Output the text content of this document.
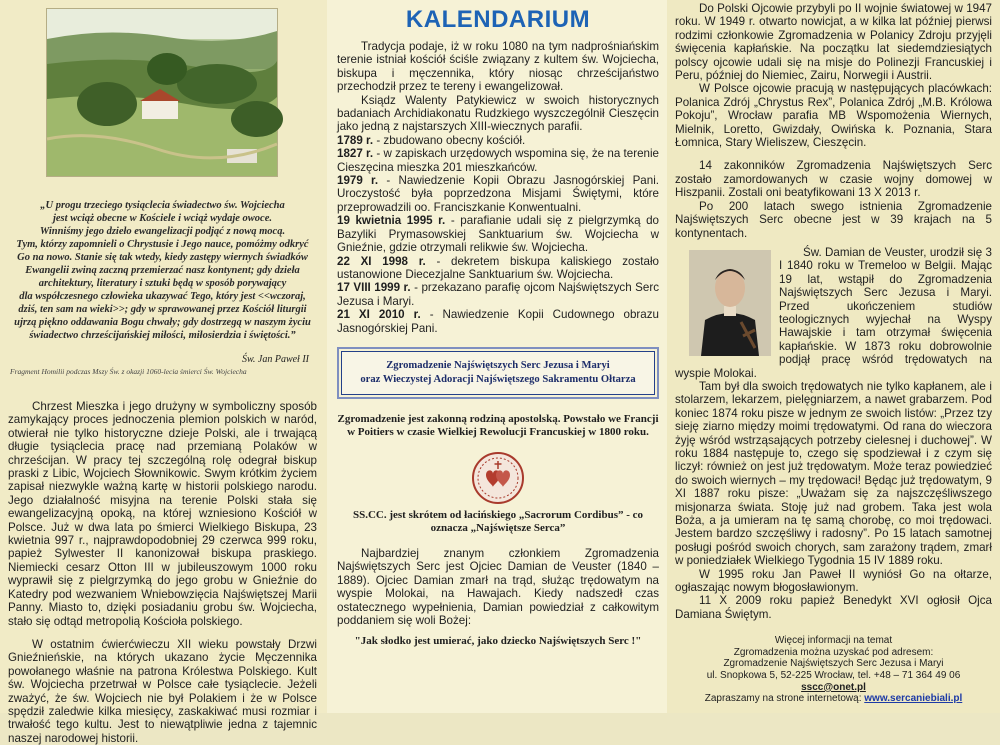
„U progu trzeciego tysiąclecia świadectwo św. Wojciecha
jest wciąż obecne w Kościele i wciąż wydaje owoce.
Winniśmy jego dzieło ewangelizacji podjąć z nową mocą.
Tym, którzy zapomnieli o Chrystusie i Jego nauce, pomóżmy odkryć
Go na nowo. Stanie się tak wtedy, kiedy zastępy wiernych świadków
Ewangelii zwiną zacznq przemierzać nasz kontynent; gdy dzieła
architektury, literatury i sztuki będą w sposób porywający
dla współczesnego człowieka ukazywać Tego, który jest <<wczoraj,
dziś, ten sam na wieki>>; gdy w sprawowanej przez Kościół liturgii
ujrzą piękno oddawania Bogu chwały; gdy dostrzegą w naszym życiu
świadectwo chrześcijańskiej miłości, miłosierdzia i świętości.”
Św. Jan Paweł II
Fragment Homilii podczas Mszy Św. z okazji 1060-lecia śmierci Św. Wojciecha

Chrzest Mieszka i jego drużyny w symboliczny sposób zamykający proces jednoczenia plemion polskich w naród, otwierał nie tylko historyczne dzieje Polski, ale i trwającą długie tysiąclecia pracę nad przemianą Polaków w chrześcijan. W pracy tej szczególną rolę odegrał biskup praski z Libic, Wojciech Słownikowic. Swym krótkim życiem zapisał niezwykle ważną kartę w historii polskiego narodu. Jego działalność misyjna na terenie Polski stała się ewangelizacyjną opoką, na której wzniesiono Kościół w Polsce. Już w dwa lata po śmierci Wielkiego Biskupa, 23 kwietnia 997 r., najprawdopodobniej 29 czerwca 999 roku, papież Sylwester II kanonizował biskupa praskiego. Niemiecki cesarz Otton III w jubileuszowym 1000 roku wyprawił się z pielgrzymką do jego grobu w Gnieźnie do Katedry pod wezwaniem Wniebowzięcia Najświętszej Marii Panny. Miasto to, dzięki posiadaniu grobu św. Wojciecha, stało się odtąd metropolią Kościoła polskiego.

W ostatnim ćwierćwieczu XII wieku powstały Drzwi Gnieźnieńskie, na których ukazano życie Męczennika powołanego właśnie na patrona Królestwa Polskiego. Kult św. Wojciecha przetrwał w Polsce całe tysiąclecie. Jeżeli zważyć, że św. Wojciech nie był Polakiem i że w Polsce spędził zaledwie kilka miesięcy, zaskakiwać musi rozmiar i trwałość tego kultu. Jest to niewątpliwie jedna z tajemnic naszej narodowej historii.

KALENDARIUM

Tradycja podaje, iż w roku 1080 na tym nadprośniańskim terenie istniał kościół ściśle związany z kultem św. Wojciecha, biskupa i męczennika, który niosąc chrześcijaństwo przechodził przez te tereny i ewangelizował.

Ksiądz Walenty Patykiewicz w swoich historycznych badaniach Archidiakonatu Rudzkiego wyszczególnił Cieszęcin jako jedną z najstarszych XIII-wiecznych parafii.

1789 r. - zbudowano obecny kościół.

1827 r. - w zapiskach urzędowych wspomina się, że na terenie Cieszęcina mieszka 201 mieszkańców.

1979 r. - Nawiedzenie Kopii Obrazu Jasnogórskiej Pani. Uroczystość była poprzedzona Misjami Świętymi, które przeprowadzili oo. Franciszkanie Konwentualni.

19 kwietnia 1995 r. - parafianie udali się z pielgrzymką do Bazyliki Prymasowskiej Sanktuarium św. Wojciecha w Gnieźnie, gdzie otrzymali relikwie św. Wojciecha.

22 XI 1998 r. - dekretem biskupa kaliskiego zostało ustanowione Diecezjalne Sanktuarium św. Wojciecha.

17 VIII 1999 r. - przekazano parafię ojcom Najświętszych Serc Jezusa i Maryi.

21 XI 2010 r. - Nawiedzenie Kopii Cudownego obrazu Jasnogórskiej Pani.

Zgromadzenie Najświętszych Serc Jezusa i Maryi
oraz Wieczystej Adoracji Najświętszego Sakramentu Ołtarza

Zgromadzenie jest zakonną rodziną apostolską. Powstało we Francji w Poitiers w czasie Wielkiej Rewolucji Francuskiej w 1800 roku.

SS.CC. jest skrótem od łacińskiego „Sacrorum Cordibus” - co oznacza „Najświętsze Serca”

Najbardziej znanym członkiem Zgromadzenia Najświętszych Serc jest Ojciec Damian de Veuster (1840 – 1889). Ojciec Damian zmarł na trąd, służąc trędowatym na wyspie Molokai, na Hawajach. Kiedy nadszedł czas ostatecznego wypełnienia, Damian powiedział z całkowitym poddaniem się woli Bożej:

"Jak słodko jest umierać, jako dziecko Najświętszych Serc !"

Do Polski Ojcowie przybyli po II wojnie światowej w 1947 roku. W 1949 r. otwarto nowicjat, a w kilka lat później pierwsi rodzimi członkowie Zgromadzenia w Polanicy Zdroju przyjęli święcenia kapłańskie. Na początku lat siedemdziesiątych polscy ojcowie udali się na misje do Polinezji Francuskiej i Peru, później do Niemiec, Zairu, Norwegii i Austrii.

W Polsce ojcowie pracują w następujących placówkach: Polanica Zdrój „Chrystus Rex”, Polanica Zdrój „M.B. Królowa Pokoju”, Wrocław parafia MB Wspomożenia Wiernych, Mielnik, Loretto, Gwizdały, Owińska k. Poznania, Stara Łomnica, Stary Wieliszew, Cieszęcin.

14 zakonników Zgromadzenia Najświętszych Serc zostało zamordowanych w czasie wojny domowej w Hiszpanii. Zostali oni beatyfikowani 13 X 2013 r.

Po 200 latach swego istnienia Zgromadzenie Najświętszych Serc obecne jest w 39 krajach na 5 kontynentach.

Św. Damian de Veuster, urodził się 3 I 1840 roku w Tremeloo w Belgii. Mając 19 lat, wstąpił do Zgromadzenia Najświętszych Serc Jezusa i Maryi. Przed ukończeniem studiów teologicznych wyjechał na Wyspy Hawajskie i tam otrzymał święcenia kapłańskie. W 1873 roku dobrowolnie podjął pracę wśród trędowatych na wyspie Molokai.

Tam był dla swoich trędowatych nie tylko kapłanem, ale i stolarzem, lekarzem, pielęgniarzem, a nawet grabarzem. Pod koniec 1874 roku pisze w jednym ze swoich listów: „Przez tzy sieję ziarno między moimi trędowatymi. Od rana do wieczora żyję wśród wstrząsających potrzeby cielesnej i duchowej”. W roku 1884 następuje to, czego się spodziewał i z czym się liczył: również on jest już trędowatym. Może teraz powiedzieć do swoich wiernych – my trędowaci! Będąc już trędowatym, 9 XI 1887 roku pisze: „Uważam się za najszczęśliwszego misjonarza świata. Stoję już nad grobem. Taka jest wola Boża, a ja umieram na tę samą chorobę, co moi trędowaci. Jestem bardzo szczęśliwy i radosny”. Po 15 latach samotnej posługi pośród swoich chorych, sam zarażony trądem, zmarł w poniedziałek Wielkiego Tygodnia 15 IV 1889 roku.

W 1995 roku Jan Paweł II wyniósł Go na ołtarze, ogłaszając nowym błogosławionym.

11 X 2009 roku papież Benedykt XVI ogłosił Ojca Damiana Świętym.

Więcej informacji na temat
Zgromadzenia można uzyskać pod adresem:
Zgromadzenie Najświętszych Serc Jezusa i Maryi
ul. Snopkowa 5, 52-225 Wrocław, tel. +48 – 71 364 49 06
sscc@onet.pl
Zapraszamy na strone internetową: www.sercaniebiali.pl
